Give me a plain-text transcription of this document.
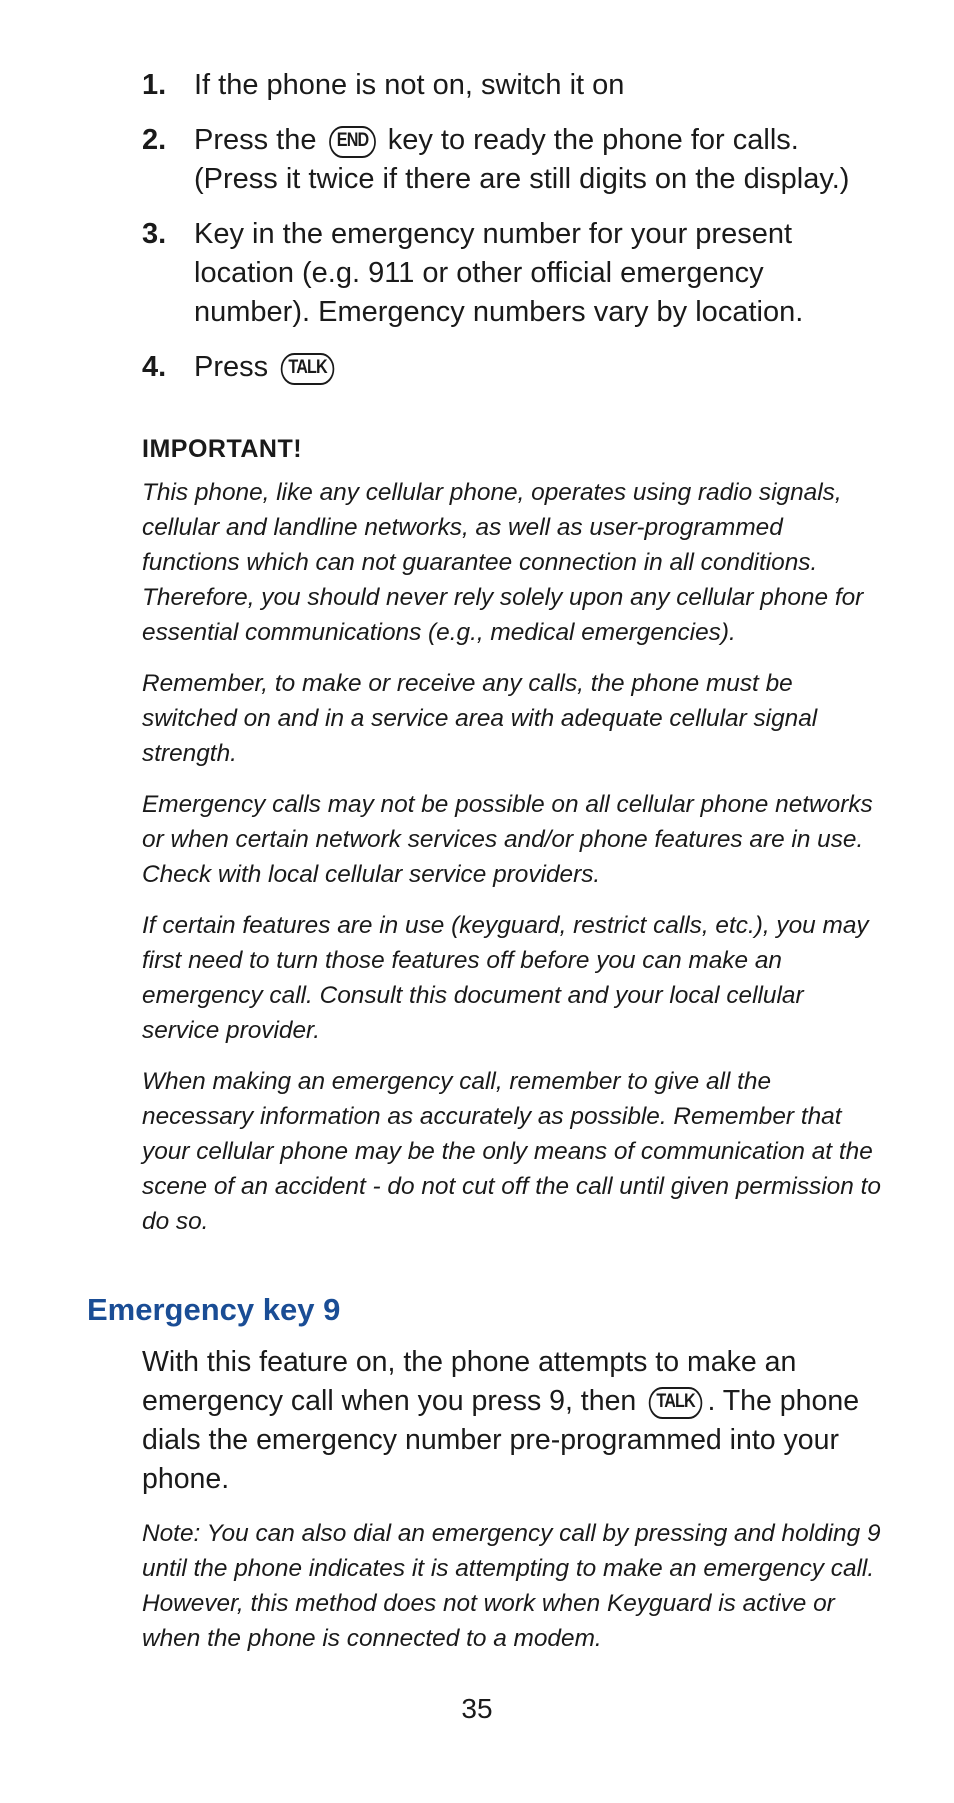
1. If the phone is not on, switch it on
2. Press the END key to ready the phone for calls. (Press it twice if there are still digits on the display.)
3. Key in the emergency number for your present location (e.g. 911 or other official emergency number). Emergency numbers vary by location.
4. Press TALK
IMPORTANT!

This phone, like any cellular phone, operates using radio signals, cellular and landline networks, as well as user-programmed functions which can not guarantee connection in all conditions. Therefore, you should never rely solely upon any cellular phone for essential communications (e.g., medical emergencies).

Remember, to make or receive any calls, the phone must be switched on and in a service area with adequate cellular signal strength.

Emergency calls may not be possible on all cellular phone networks or when certain network services and/or phone features are in use. Check with local cellular service providers.

If certain features are in use (keyguard, restrict calls, etc.), you may first need to turn those features off before you can make an emergency call. Consult this document and your local cellular service provider.

When making an emergency call, remember to give all the necessary information as accurately as possible. Remember that your cellular phone may be the only means of communication at the scene of an accident - do not cut off the call until given permission to do so.

Emergency key 9

With this feature on, the phone attempts to make an emergency call when you press 9, then TALK . The phone dials the emergency number pre-programmed into your phone.

Note: You can also dial an emergency call by pressing and holding 9 until the phone indicates it is attempting to make an emergency call. However, this method does not work when Keyguard is active or when the phone is connected to a modem.

35
